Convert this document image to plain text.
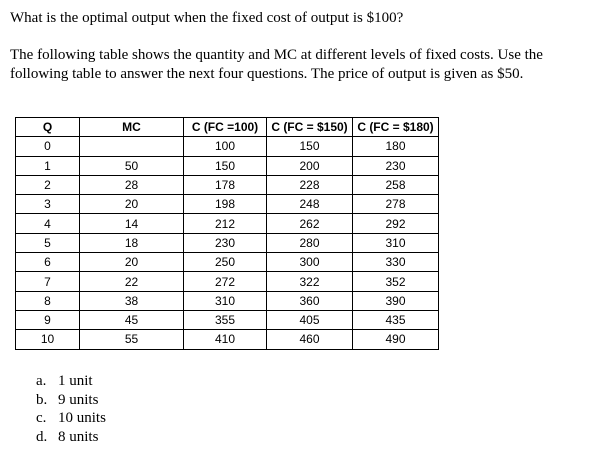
What is the optimal output when the fixed cost of output is $100?

The following table shows the quantity and MC at different levels of fixed costs. Use the

following table to answer the next four questions. The price of output is given as $50.

Q	MC	C (FC =100)	C (FC = $150)	C (FC = $180)
0		100	150	180
1	50	150	200	230
2	28	178	228	258
3	20	198	248	278
4	14	212	262	292
5	18	230	280	310
6	20	250	300	330
7	22	272	322	352
8	38	310	360	390
9	45	355	405	435
10	55	410	460	490
a. 1 unit
b. 9 units
c. 10 units
d. 8 units
